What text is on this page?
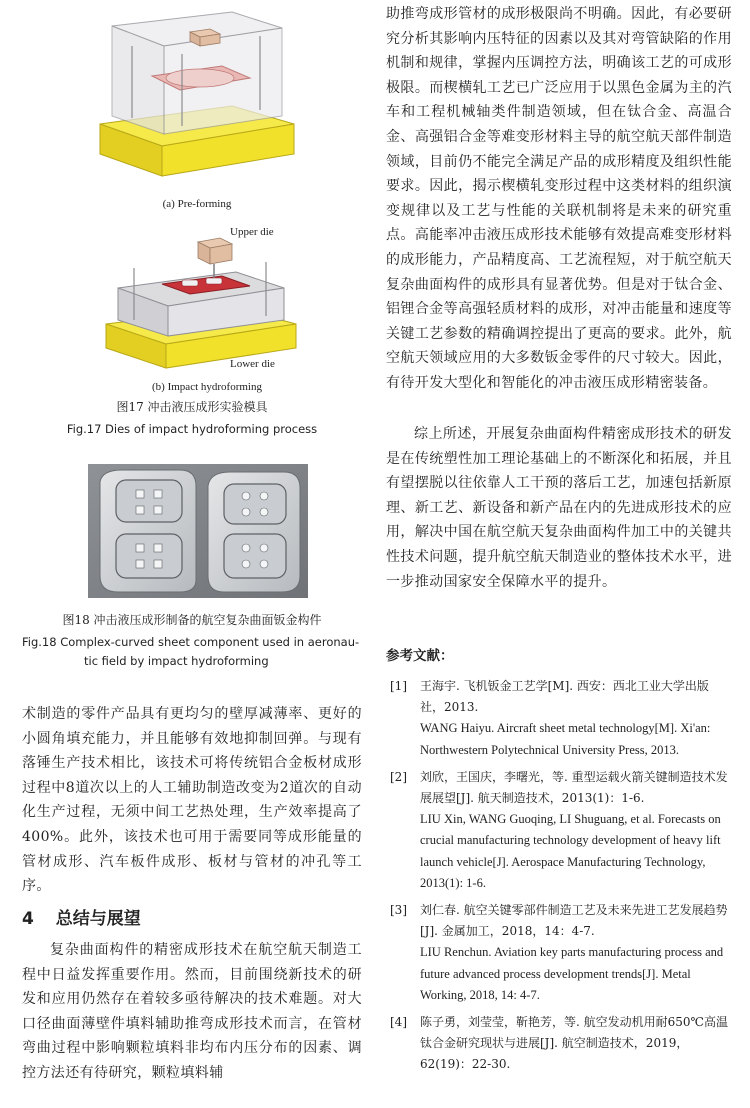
(a) Pre-forming
Upper die
Lower die
(b) Impact hydroforming
图17 冲击液压成形实验模具
Fig.17 Dies of impact hydroforming process
图18 冲击液压成形制备的航空复杂曲面钣金构件
Fig.18 Complex-curved sheet component used in aeronau-
tic field by impact hydroforming

术制造的零件产品具有更均匀的壁厚减薄率、更好的小圆角填充能力，并且能够有效地抑制回弹。与现有落锤生产技术相比，该技术可将传统铝合金板材成形过程中8道次以上的人工辅助制造改变为2道次的自动化生产过程，无须中间工艺热处理，生产效率提高了400%。此外，该技术也可用于需要同等成形能量的管材成形、汽车板件成形、板材与管材的冲孔等工序。

4 总结与展望

复杂曲面构件的精密成形技术在航空航天制造工程中日益发挥重要作用。然而，目前围绕新技术的研发和应用仍然存在着较多亟待解决的技术难题。对大口径曲面薄壁件填料辅助推弯成形技术而言，在管材弯曲过程中影响颗粒填料非均布内压分布的因素、调控方法还有待研究，颗粒填料辅

助推弯成形管材的成形极限尚不明确。因此，有必要研究分析其影响内压特征的因素以及其对弯管缺陷的作用机制和规律，掌握内压调控方法，明确该工艺的可成形极限。而楔横轧工艺已广泛应用于以黑色金属为主的汽车和工程机械轴类件制造领域，但在钛合金、高温合金、高强铝合金等难变形材料主导的航空航天部件制造领域，目前仍不能完全满足产品的成形精度及组织性能要求。因此，揭示楔横轧变形过程中这类材料的组织演变规律以及工艺与性能的关联机制将是未来的研究重点。高能率冲击液压成形技术能够有效提高难变形材料的成形能力，产品精度高、工艺流程短，对于航空航天复杂曲面构件的成形具有显著优势。但是对于钛合金、铝锂合金等高强轻质材料的成形，对冲击能量和速度等关键工艺参数的精确调控提出了更高的要求。此外，航空航天领域应用的大多数钣金零件的尺寸较大。因此，有待开发大型化和智能化的冲击液压成形精密装备。

综上所述，开展复杂曲面构件精密成形技术的研发是在传统塑性加工理论基础上的不断深化和拓展，并且有望摆脱以往依靠人工干预的落后工艺，加速包括新原理、新工艺、新设备和新产品在内的先进成形技术的应用，解决中国在航空航天复杂曲面构件加工中的关键共性技术问题，提升航空航天制造业的整体技术水平，进一步推动国家安全保障水平的提升。

参考文献：
[1] 王海宇. 飞机钣金工艺学[M]. 西安：西北工业大学出版社，2013.
WANG Haiyu. Aircraft sheet metal technology[M]. Xi'an: Northwestern Polytechnical University Press, 2013.
[2] 刘欣，王国庆，李曙光，等. 重型运载火箭关键制造技术发展展望[J]. 航天制造技术，2013(1)：1-6.
LIU Xin, WANG Guoqing, LI Shuguang, et al. Forecasts on crucial manufacturing technology development of heavy lift launch vehicle[J]. Aerospace Manufacturing Technology, 2013(1): 1-6.
[3] 刘仁春. 航空关键零部件制造工艺及未来先进工艺发展趋势[J]. 金属加工，2018，14：4-7.
LIU Renchun. Aviation key parts manufacturing process and future advanced process development trends[J]. Metal Working, 2018, 14: 4-7.
[4] 陈子勇，刘莹莹，靳艳芳，等. 航空发动机用耐650℃高温钛合金研究现状与进展[J]. 航空制造技术，2019，62(19)：22-30.
